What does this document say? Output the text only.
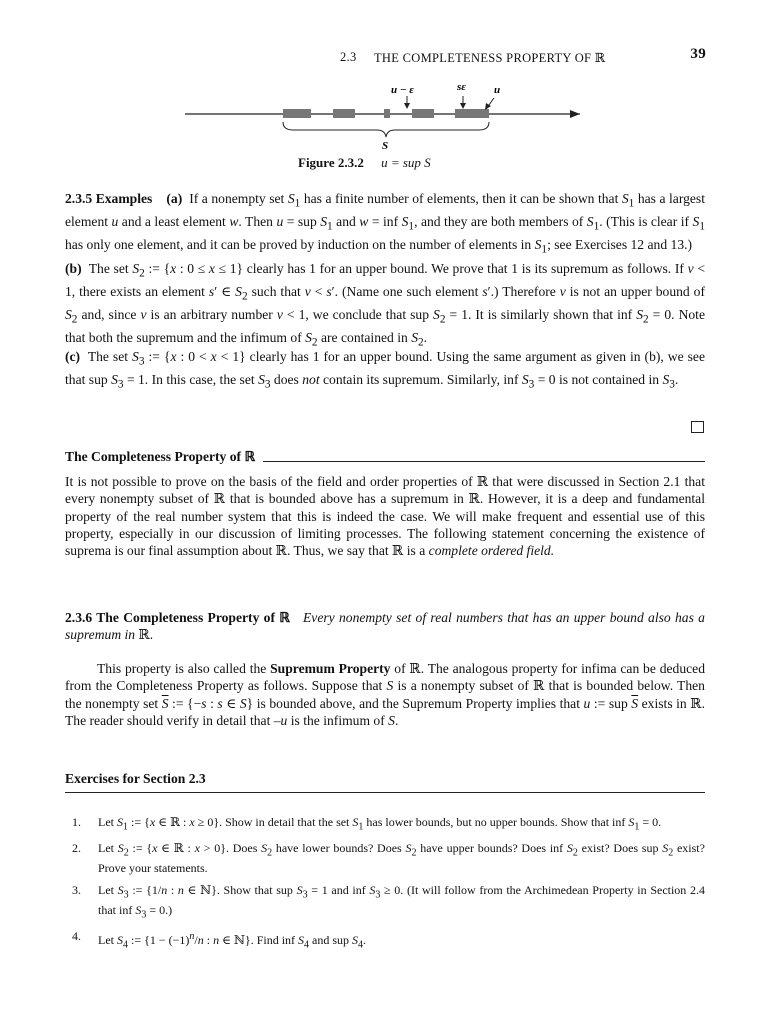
2.3 THE COMPLETENESS PROPERTY OF ℝ	39
u − ε	sε	u
S
Figure 2.3.2 u = sup S

2.3.5 Examples    (a)  If a nonempty set $S_1$ has a finite number of elements, then it can be shown that $S_1$ has a largest element u and a least element w. Then u = sup $S_1$ and w = inf $S_1$, and they are both members of $S_1$. (This is clear if $S_1$ has only one element, and it can be proved by induction on the number of elements in $S_1$; see Exercises 12 and 13.)

(b)  The set $S_2$ := {x : 0 ≤ x ≤ 1} clearly has 1 for an upper bound. We prove that 1 is its supremum as follows. If v < 1, there exists an element s′ ∈ $S_2$ such that v < s′. (Name one such element s′.) Therefore v is not an upper bound of $S_2$ and, since v is an arbitrary number v < 1, we conclude that sup $S_2 = 1$. It is similarly shown that inf $S_2 = 0$. Note that both the supremum and the infimum of $S_2$ are contained in $S_2$.

(c)  The set $S_3$ := {x : 0 < x < 1} clearly has 1 for an upper bound. Using the same argument as given in (b), we see that sup $S_3 = 1$. In this case, the set $S_3$ does not contain its supremum. Similarly, inf $S_3 = 0$ is not contained in $S_3$.

The Completeness Property of ℝ

It is not possible to prove on the basis of the field and order properties of ℝ that were discussed in Section 2.1 that every nonempty subset of ℝ that is bounded above has a supremum in ℝ. However, it is a deep and fundamental property of the real number system that this is indeed the case. We will make frequent and essential use of this property, especially in our discussion of limiting processes. The following statement concerning the existence of suprema is our final assumption about ℝ. Thus, we say that ℝ is a complete ordered field.

2.3.6 The Completeness Property of ℝ Every nonempty set of real numbers that has an upper bound also has a supremum in ℝ.

This property is also called the Supremum Property of ℝ. The analogous property for infima can be deduced from the Completeness Property as follows. Suppose that S is a nonempty subset of ℝ that is bounded below. Then the nonempty set $\overline{S}$ := {−s : s ∈ S} is bounded above, and the Supremum Property implies that u := sup $\overline{S}$ exists in ℝ. The reader should verify in detail that –u is the infimum of S.

Exercises for Section 2.3
1. Let $S_1$ := {x ∈ ℝ : x ≥ 0}. Show in detail that the set $S_1$ has lower bounds, but no upper bounds. Show that inf $S_1 = 0$.
2. Let $S_2$ := {x ∈ ℝ : x > 0}. Does $S_2$ have lower bounds? Does $S_2$ have upper bounds? Does inf $S_2$ exist? Does sup $S_2$ exist? Prove your statements.
3. Let $S_3$ := {1/n : n ∈ ℕ}. Show that sup $S_3 = 1$ and inf $S_3 \ge 0$. (It will follow from the Archimedean Property in Section 2.4 that inf $S_3 = 0$.)
4. Let $S_4$ := {$1 - (-1)^n/n$ : n ∈ ℕ}. Find inf $S_4$ and sup $S_4$.
